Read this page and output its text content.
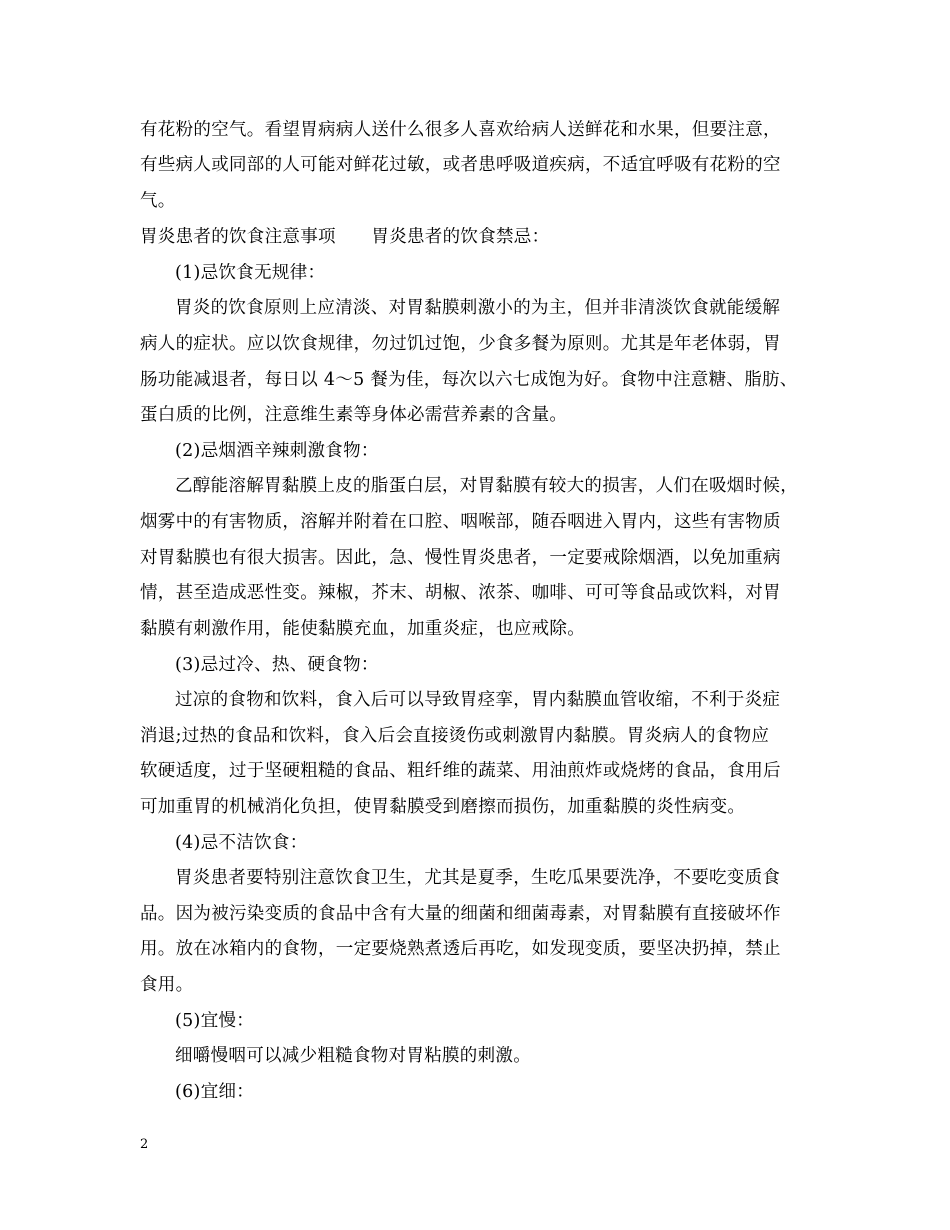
有花粉的空气。看望胃病病人送什么很多人喜欢给病人送鲜花和水果，但要注意，
有些病人或同部的人可能对鲜花过敏，或者患呼吸道疾病，不适宜呼吸有花粉的空
气。
胃炎患者的饮食注意事项　　胃炎患者的饮食禁忌：
(1)忌饮食无规律：
胃炎的饮食原则上应清淡、对胃黏膜刺激小的为主，但并非清淡饮食就能缓解
病人的症状。应以饮食规律，勿过饥过饱，少食多餐为原则。尤其是年老体弱，胃
肠功能减退者，每日以 4～5 餐为佳，每次以六七成饱为好。食物中注意糖、脂肪、
蛋白质的比例，注意维生素等身体必需营养素的含量。
(2)忌烟酒辛辣刺激食物：
乙醇能溶解胃黏膜上皮的脂蛋白层，对胃黏膜有较大的损害，人们在吸烟时候，
烟雾中的有害物质，溶解并附着在口腔、咽喉部，随吞咽进入胃内，这些有害物质
对胃黏膜也有很大损害。因此，急、慢性胃炎患者，一定要戒除烟酒，以免加重病
情，甚至造成恶性变。辣椒，芥末、胡椒、浓茶、咖啡、可可等食品或饮料，对胃
黏膜有刺激作用，能使黏膜充血，加重炎症，也应戒除。
(3)忌过冷、热、硬食物：
过凉的食物和饮料，食入后可以导致胃痉挛，胃内黏膜血管收缩，不利于炎症
消退;过热的食品和饮料，食入后会直接烫伤或刺激胃内黏膜。胃炎病人的食物应
软硬适度，过于坚硬粗糙的食品、粗纤维的蔬菜、用油煎炸或烧烤的食品，食用后
可加重胃的机械消化负担，使胃黏膜受到磨擦而损伤，加重黏膜的炎性病变。
(4)忌不洁饮食：
胃炎患者要特别注意饮食卫生，尤其是夏季，生吃瓜果要洗净，不要吃变质食
品。因为被污染变质的食品中含有大量的细菌和细菌毒素，对胃黏膜有直接破坏作
用。放在冰箱内的食物，一定要烧熟煮透后再吃，如发现变质，要坚决扔掉，禁止
食用。
(5)宜慢：
细嚼慢咽可以减少粗糙食物对胃粘膜的刺激。
(6)宜细：
2
